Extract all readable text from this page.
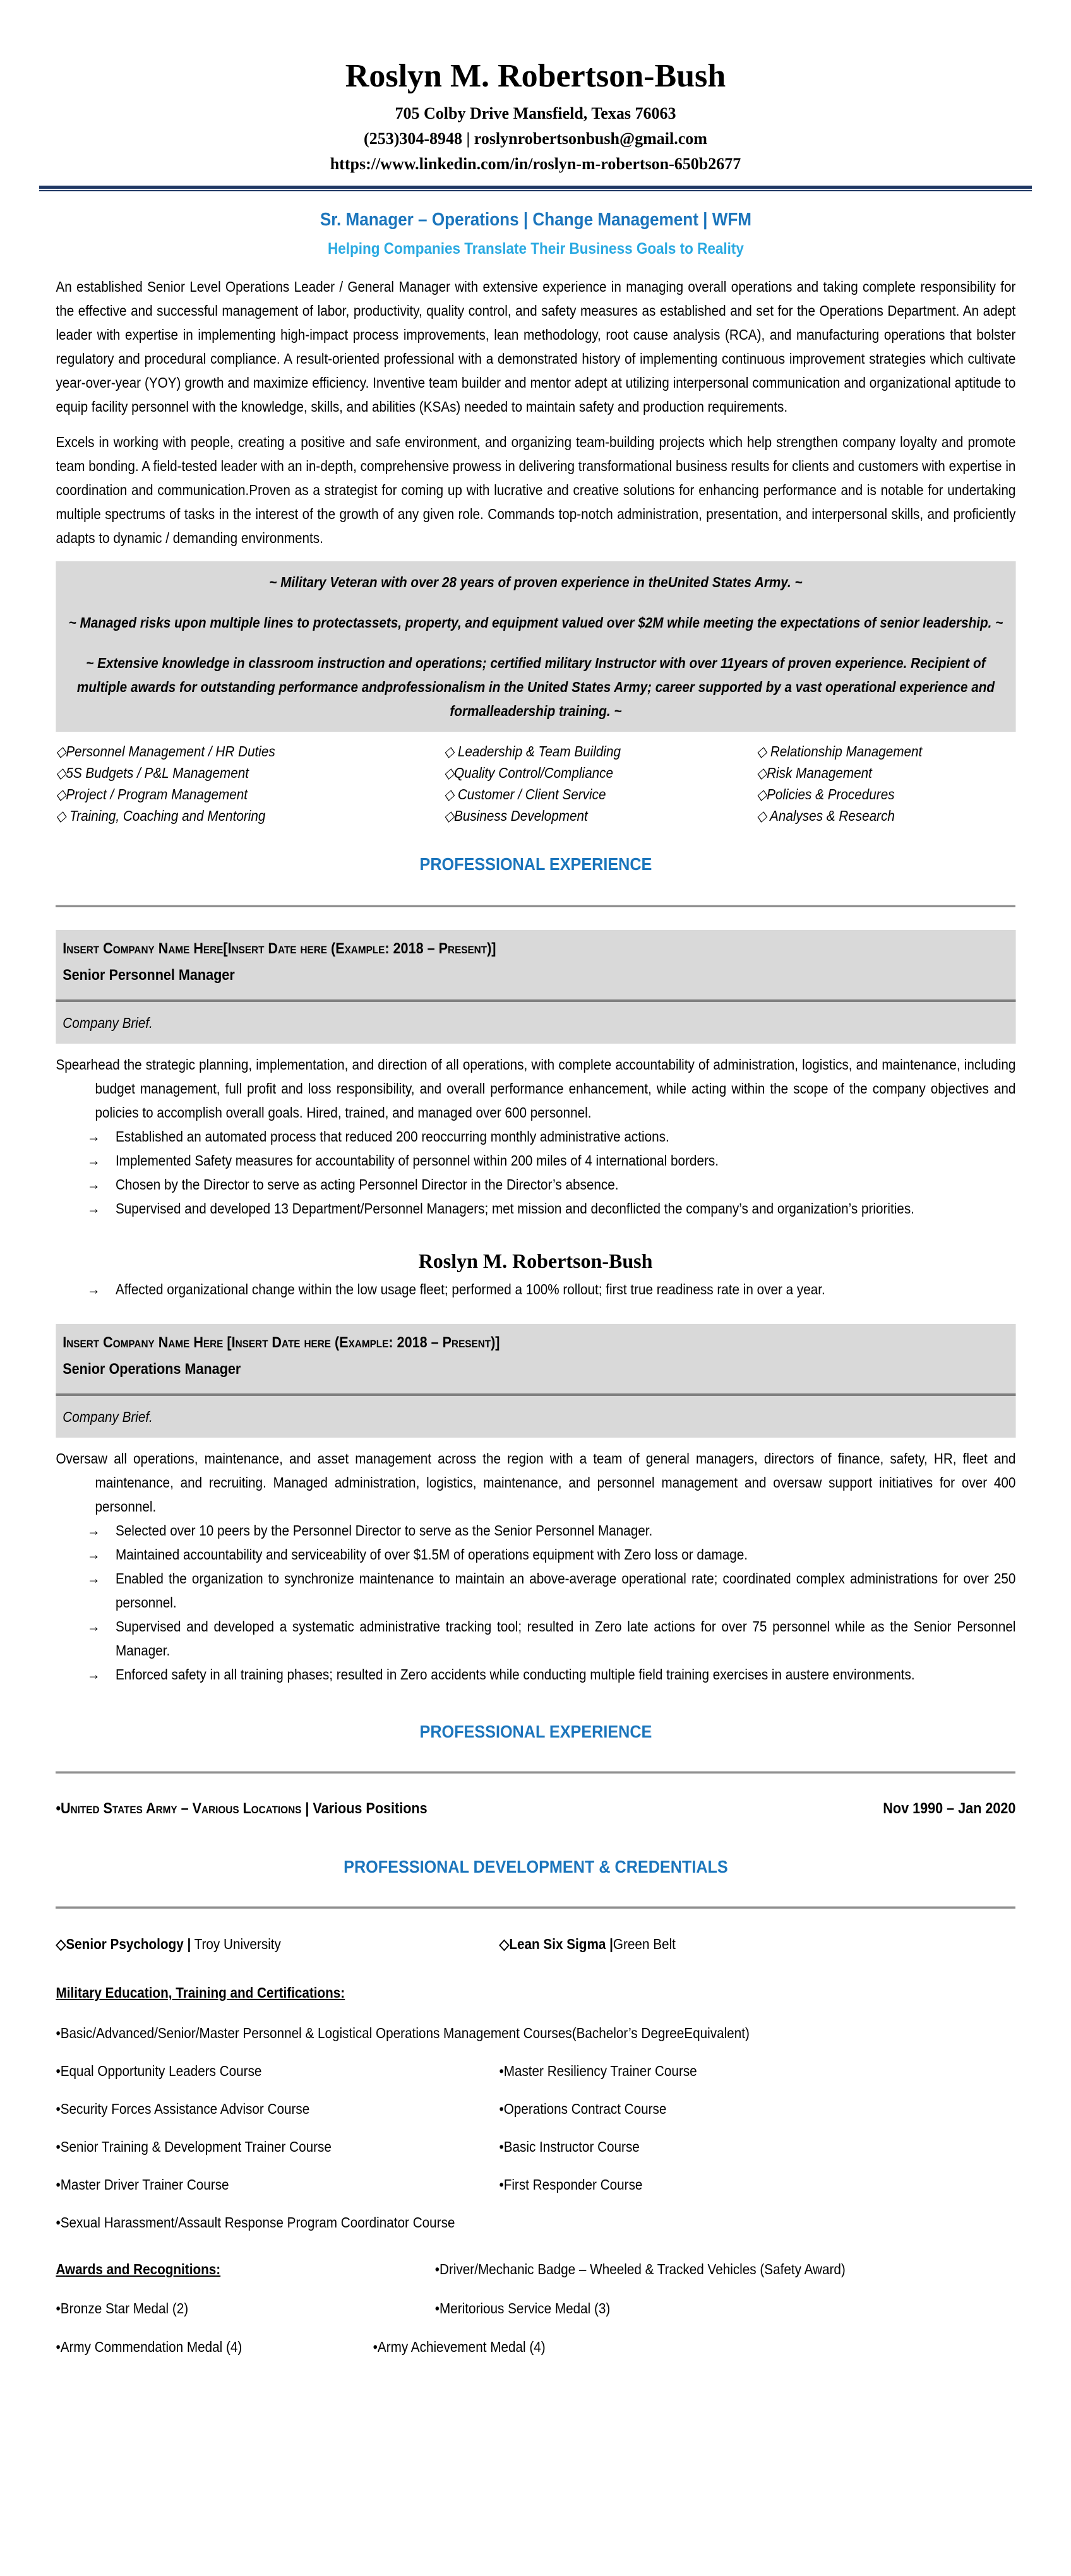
Roslyn M. Robertson-Bush
705 Colby Drive Mansfield, Texas 76063
(253)304-8948 | roslynrobertsonbush@gmail.com
https://www.linkedin.com/in/roslyn-m-robertson-650b2677
Sr. Manager – Operations | Change Management | WFM
Helping Companies Translate Their Business Goals to Reality

An established Senior Level Operations Leader / General Manager with extensive experience in managing overall operations and taking complete responsibility for the effective and successful management of labor, productivity, quality control, and safety measures as established and set for the Operations Department. An adept leader with expertise in implementing high-impact process improvements, lean methodology, root cause analysis (RCA), and manufacturing operations that bolster regulatory and procedural compliance. A result-oriented professional with a demonstrated history of implementing continuous improvement strategies which cultivate year-over-year (YOY) growth and maximize efficiency. Inventive team builder and mentor adept at utilizing interpersonal communication and organizational aptitude to equip facility personnel with the knowledge, skills, and abilities (KSAs) needed to maintain safety and production requirements.

Excels in working with people, creating a positive and safe environment, and organizing team-building projects which help strengthen company loyalty and promote team bonding. A field-tested leader with an in-depth, comprehensive prowess in delivering transformational business results for clients and customers with expertise in coordination and communication.Proven as a strategist for coming up with lucrative and creative solutions for enhancing performance and is notable for undertaking multiple spectrums of tasks in the interest of the growth of any given role. Commands top-notch administration, presentation, and interpersonal skills, and proficiently adapts to dynamic / demanding environments.

~ Military Veteran with over 28 years of proven experience in theUnited States Army. ~

~ Managed risks upon multiple lines to protectassets, property, and equipment valued over $2M while meeting the expectations of senior leadership. ~

~ Extensive knowledge in classroom instruction and operations; certified military Instructor with over 11years of proven experience. Recipient of multiple awards for outstanding performance andprofessionalism in the United States Army; career supported by a vast operational experience and formalleadership training. ~

◇Personnel Management / HR Duties	◇ Leadership & Team Building	◇ Relationship Management
◇5S Budgets / P&L Management	◇Quality Control/Compliance	◇Risk Management
◇Project / Program Management	◇ Customer / Client Service	◇Policies & Procedures
◇ Training, Coaching and Mentoring	◇Business Development	◇ Analyses & Research
PROFESSIONAL EXPERIENCE
Insert Company Name Here[Insert Date here (Example: 2018 – Present)]
Senior Personnel Manager
Company Brief.

Spearhead the strategic planning, implementation, and direction of all operations, with complete accountability of administration, logistics, and maintenance, including budget management, full profit and loss responsibility, and overall performance enhancement, while acting within the scope of the company objectives and policies to accomplish overall goals. Hired, trained, and managed over 600 personnel.

→ Established an automated process that reduced 200 reoccurring monthly administrative actions.
→ Implemented Safety measures for accountability of personnel within 200 miles of 4 international borders.
→ Chosen by the Director to serve as acting Personnel Director in the Director’s absence.
→ Supervised and developed 13 Department/Personnel Managers; met mission and deconflicted the company’s and organization’s priorities.
Roslyn M. Robertson-Bush
→ Affected organizational change within the low usage fleet; performed a 100% rollout; first true readiness rate in over a year.
Insert Company Name Here [Insert Date here (Example: 2018 – Present)]
Senior Operations Manager
Company Brief.

Oversaw all operations, maintenance, and asset management across the region with a team of general managers, directors of finance, safety, HR, fleet and maintenance, and recruiting. Managed administration, logistics, maintenance, and personnel management and oversaw support initiatives for over 400 personnel.

→ Selected over 10 peers by the Personnel Director to serve as the Senior Personnel Manager.
→ Maintained accountability and serviceability of over $1.5M of operations equipment with Zero loss or damage.
→ Enabled the organization to synchronize maintenance to maintain an above-average operational rate; coordinated complex administrations for over 250 personnel.
→ Supervised and developed a systematic administrative tracking tool; resulted in Zero late actions for over 75 personnel while as the Senior Personnel Manager.
→ Enforced safety in all training phases; resulted in Zero accidents while conducting multiple field training exercises in austere environments.
PROFESSIONAL EXPERIENCE
•United States Army – Various Locations | Various Positions	Nov 1990 – Jan 2020
PROFESSIONAL DEVELOPMENT & CREDENTIALS
◇Senior Psychology | Troy University	◇Lean Six Sigma |Green Belt
Military Education, Training and Certifications:
•Basic/Advanced/Senior/Master Personnel & Logistical Operations Management Courses(Bachelor’s DegreeEquivalent)
•Equal Opportunity Leaders Course	•Master Resiliency Trainer Course
•Security Forces Assistance Advisor Course	•Operations Contract Course
•Senior Training & Development Trainer Course	•Basic Instructor Course
•Master Driver Trainer Course	•First Responder Course
•Sexual Harassment/Assault Response Program Coordinator Course
Awards and Recognitions:	•Driver/Mechanic Badge – Wheeled & Tracked Vehicles (Safety Award)
•Bronze Star Medal (2)	•Meritorious Service Medal (3)
•Army Commendation Medal (4)	•Army Achievement Medal (4)
